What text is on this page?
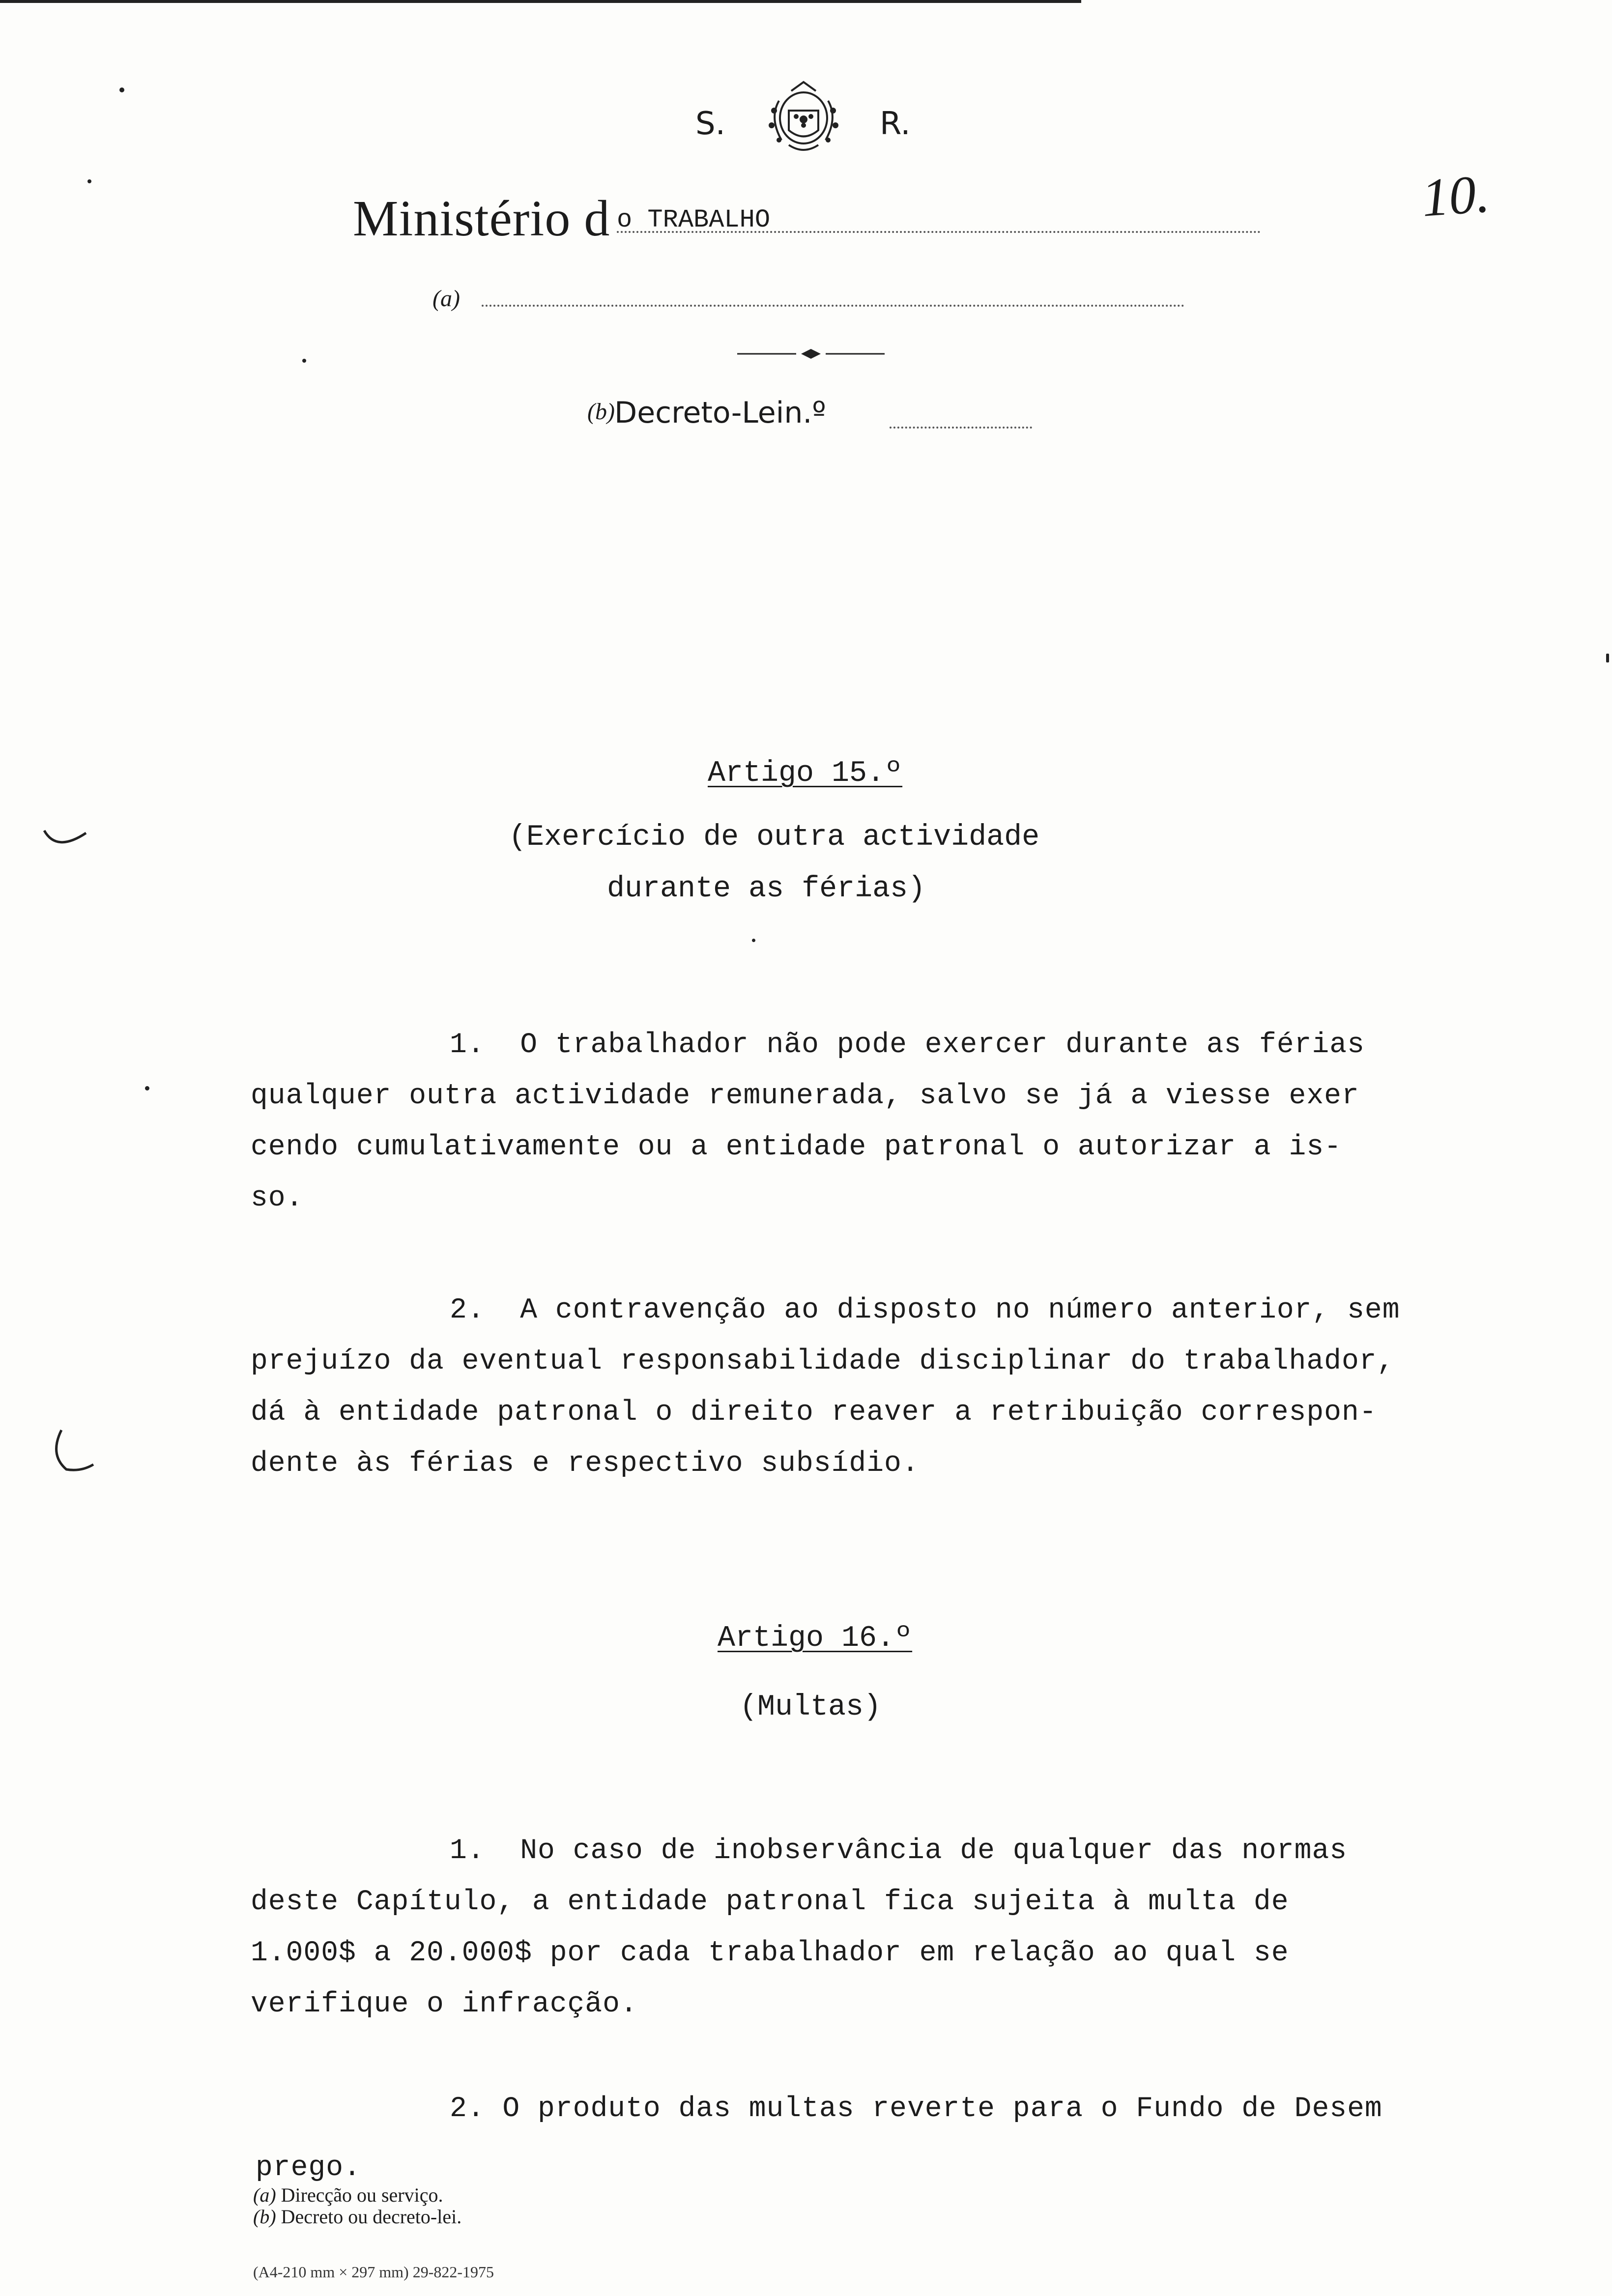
S.	R.
Ministério d o TRABALHO
(a)
(b) Decreto-Lein.º
10.
Artigo 15.º
(Exercício de outra actividade
durante as férias)

1.  O trabalhador não pode exercer durante as férias

qualquer outra actividade remunerada, salvo se já a viesse exer

cendo cumulativamente ou a entidade patronal o autorizar a is-

so.

2.  A contravenção ao disposto no número anterior, sem

prejuízo da eventual responsabilidade disciplinar do trabalhador,

dá à entidade patronal o direito reaver a retribuição correspon-

dente às férias e respectivo subsídio.

Artigo 16.º
(Multas)

1.  No caso de inobservância de qualquer das normas

deste Capítulo, a entidade patronal fica sujeita à multa de

1.000$ a 20.000$ por cada trabalhador em relação ao qual se

verifique o infracção.

2. O produto das multas reverte para o Fundo de Desem
prego.
(a) Direcção ou serviço.
(b) Decreto ou decreto-lei.
(A4-210 mm × 297 mm) 29-822-1975
